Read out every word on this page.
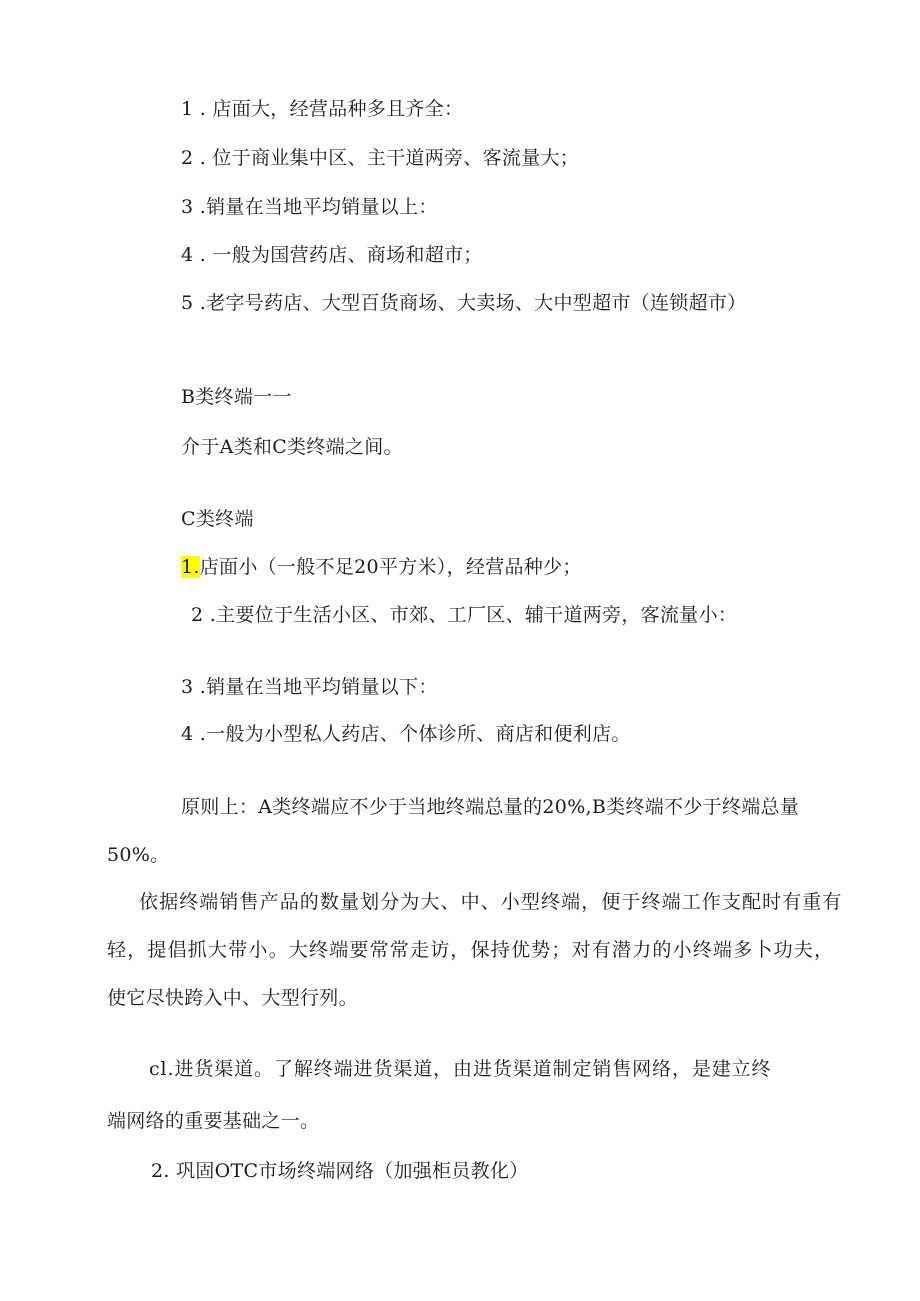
1 . 店面大，经营品种多且齐全：
2 . 位于商业集中区、主干道两旁、客流量大；
3 .销量在当地平均销量以上：
4 . 一般为国营药店、商场和超市；
5 .老字号药店、大型百货商场、大卖场、大中型超市（连锁超市）
B类终端一一
介于A类和C类终端之间。
C类终端
1.店面小（一般不足20平方米），经营品种少；
2 .主要位于生活小区、市郊、工厂区、辅干道两旁，客流量小：
3 .销量在当地平均销量以下：
4 .一般为小型私人药店、个体诊所、商店和便利店。
原则上：A类终端应不少于当地终端总量的20%,B类终端不少于终端总量
50%。
依据终端销售产品的数量划分为大、中、小型终端，便于终端工作支配时有重有
轻，提倡抓大带小。大终端要常常走访，保持优势；对有潜力的小终端多卜功夫，
使它尽快跨入中、大型行列。
cl.进货渠道。了解终端进货渠道，由进货渠道制定销售网络，是建立终
端网络的重要基础之一。
2. 巩固OTC市场终端网络（加强柜员教化）
